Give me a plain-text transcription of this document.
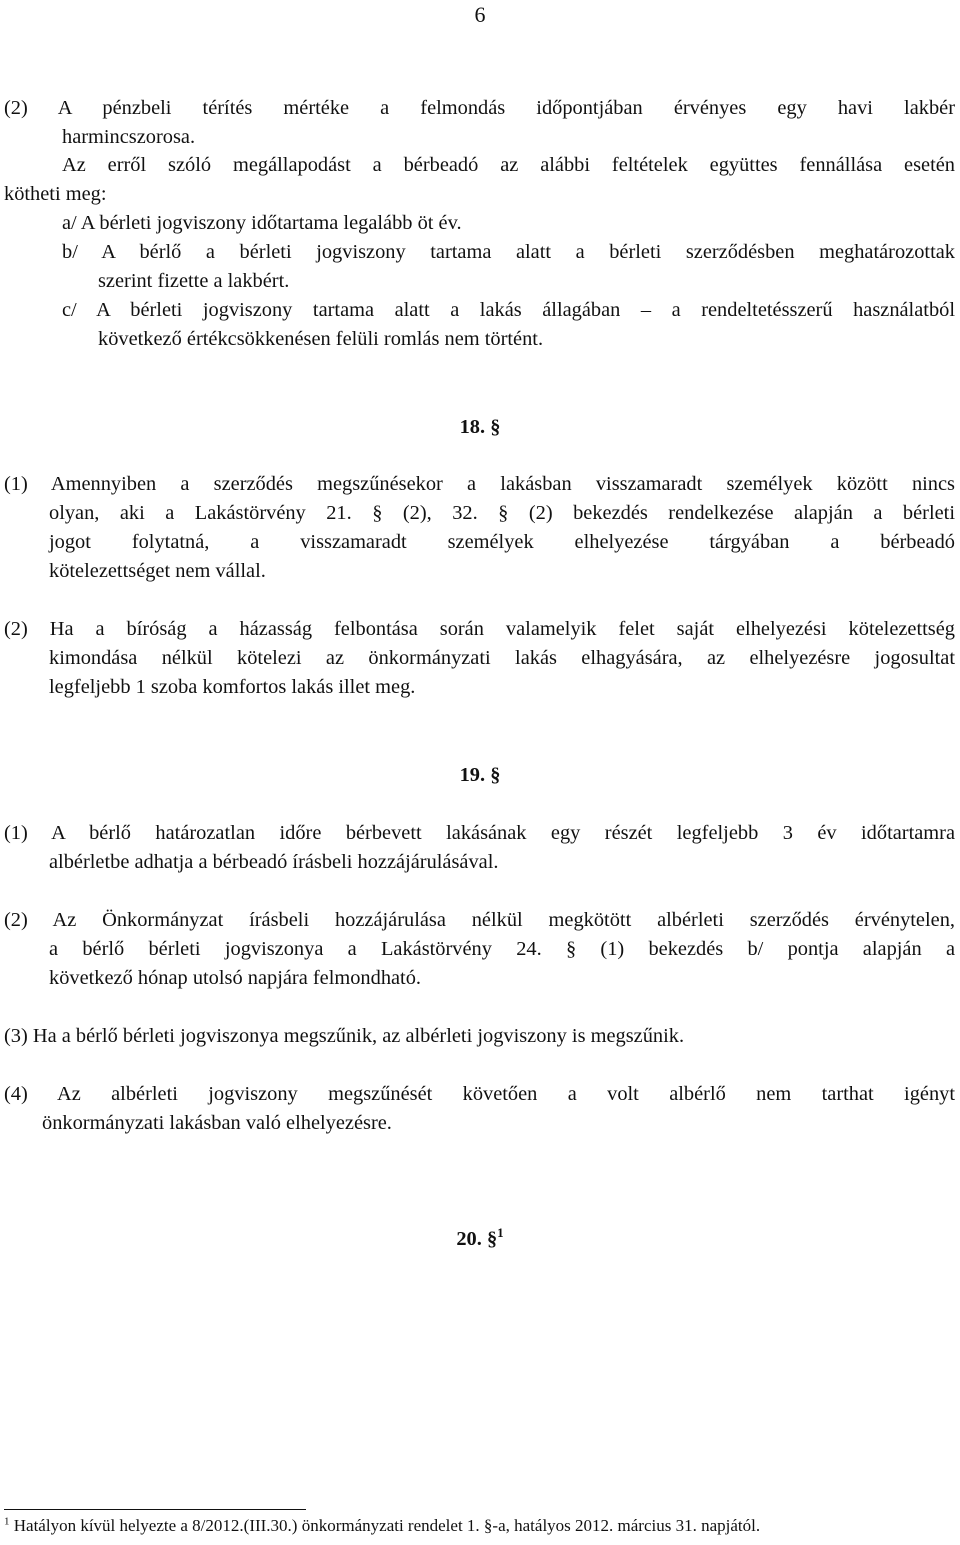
6
(2) A pénzbeli térítés mértéke a felmondás időpontjában érvényes egy havi lakbér
harmincszorosa.
Az erről szóló megállapodást a bérbeadó az alábbi feltételek együttes fennállása esetén
kötheti meg:
a/ A bérleti jogviszony időtartama legalább öt év.
b/ A bérlő a bérleti jogviszony tartama alatt a bérleti szerződésben meghatározottak
szerint fizette a lakbért.
c/ A bérleti jogviszony tartama alatt a lakás állagában – a rendeltetésszerű használatból
következő értékcsökkenésen felüli romlás nem történt.
18. §
(1) Amennyiben a szerződés megszűnésekor a lakásban visszamaradt személyek között nincs
olyan, aki a Lakástörvény 21. § (2), 32. § (2) bekezdés rendelkezése alapján a bérleti
jogot folytatná, a visszamaradt személyek elhelyezése tárgyában a bérbeadó
kötelezettséget nem vállal.
(2) Ha a bíróság a házasság felbontása során valamelyik felet saját elhelyezési kötelezettség
kimondása nélkül kötelezi az önkormányzati lakás elhagyására, az elhelyezésre jogosultat
legfeljebb 1 szoba komfortos lakás illet meg.
19. §
(1) A bérlő határozatlan időre bérbevett lakásának egy részét legfeljebb 3 év időtartamra
albérletbe adhatja a bérbeadó írásbeli hozzájárulásával.
(2) Az Önkormányzat írásbeli hozzájárulása nélkül megkötött albérleti szerződés érvénytelen,
a bérlő bérleti jogviszonya a Lakástörvény 24. § (1) bekezdés b/ pontja alapján a
következő hónap utolsó napjára felmondható.
(3) Ha a bérlő bérleti jogviszonya megszűnik, az albérleti jogviszony is megszűnik.
(4) Az albérleti jogviszony megszűnését követően a volt albérlő nem tarthat igényt
önkormányzati lakásban való elhelyezésre.
20. §$^1$
$^1$ Hatályon kívül helyezte a 8/2012.(III.30.) önkormányzati rendelet 1. §-a, hatályos 2012. március 31. napjától.
